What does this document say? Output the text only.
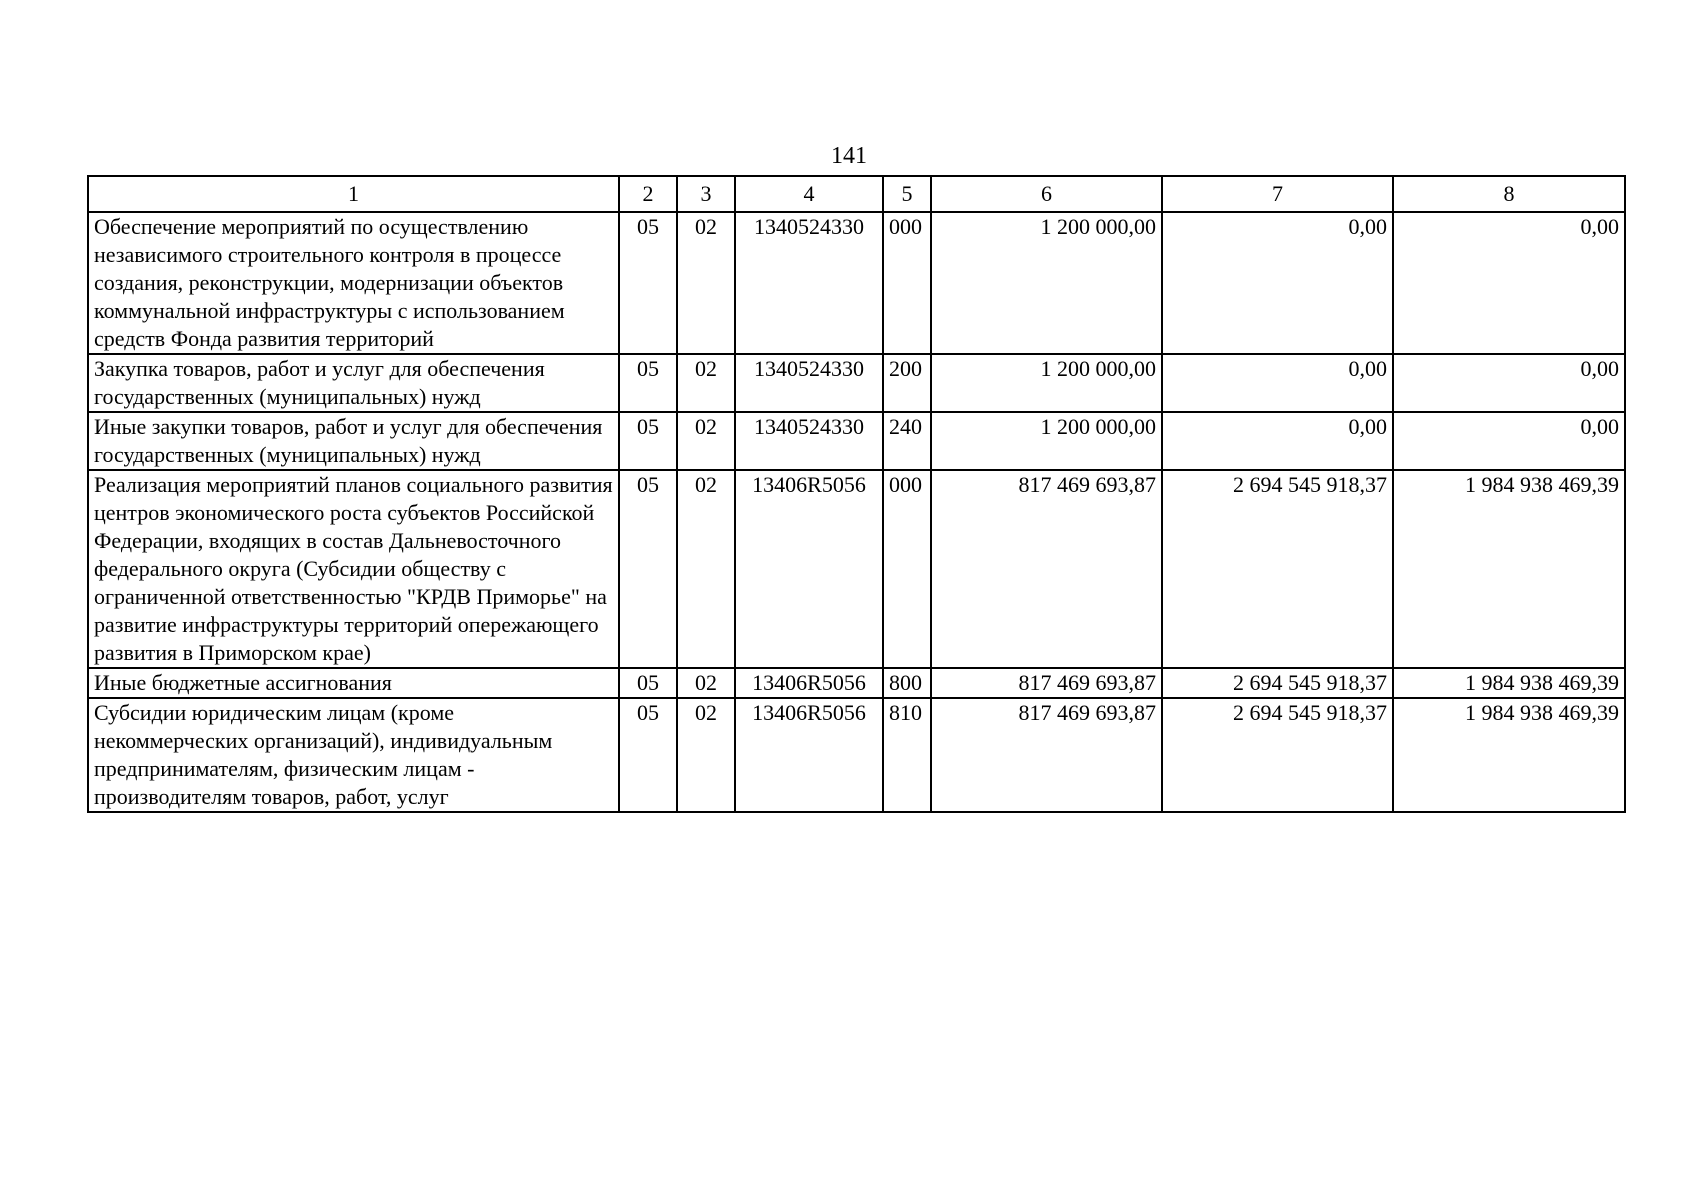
141
1	2	3	4	5	6	7	8
Обеспечение мероприятий по осуществлению независимого строительного контроля в процессе создания, реконструкции, модернизации объектов коммунальной инфраструктуры с использованием средств Фонда развития территорий	05	02	1340524330	000	1 200 000,00	0,00	0,00
Закупка товаров, работ и услуг для обеспечения государственных (муниципальных) нужд	05	02	1340524330	200	1 200 000,00	0,00	0,00
Иные закупки товаров, работ и услуг для обеспечения государственных (муниципальных) нужд	05	02	1340524330	240	1 200 000,00	0,00	0,00
Реализация мероприятий планов социального развития центров экономического роста субъектов Российской Федерации, входящих в состав Дальневосточного федерального округа (Субсидии обществу с ограниченной ответственностью "КРДВ Приморье" на развитие инфраструктуры территорий опережающего развития в Приморском крае)	05	02	13406R5056	000	817 469 693,87	2 694 545 918,37	1 984 938 469,39
Иные бюджетные ассигнования	05	02	13406R5056	800	817 469 693,87	2 694 545 918,37	1 984 938 469,39
Субсидии юридическим лицам (кроме некоммерческих организаций), индивидуальным предпринимателям, физическим лицам - производителям товаров, работ, услуг	05	02	13406R5056	810	817 469 693,87	2 694 545 918,37	1 984 938 469,39
